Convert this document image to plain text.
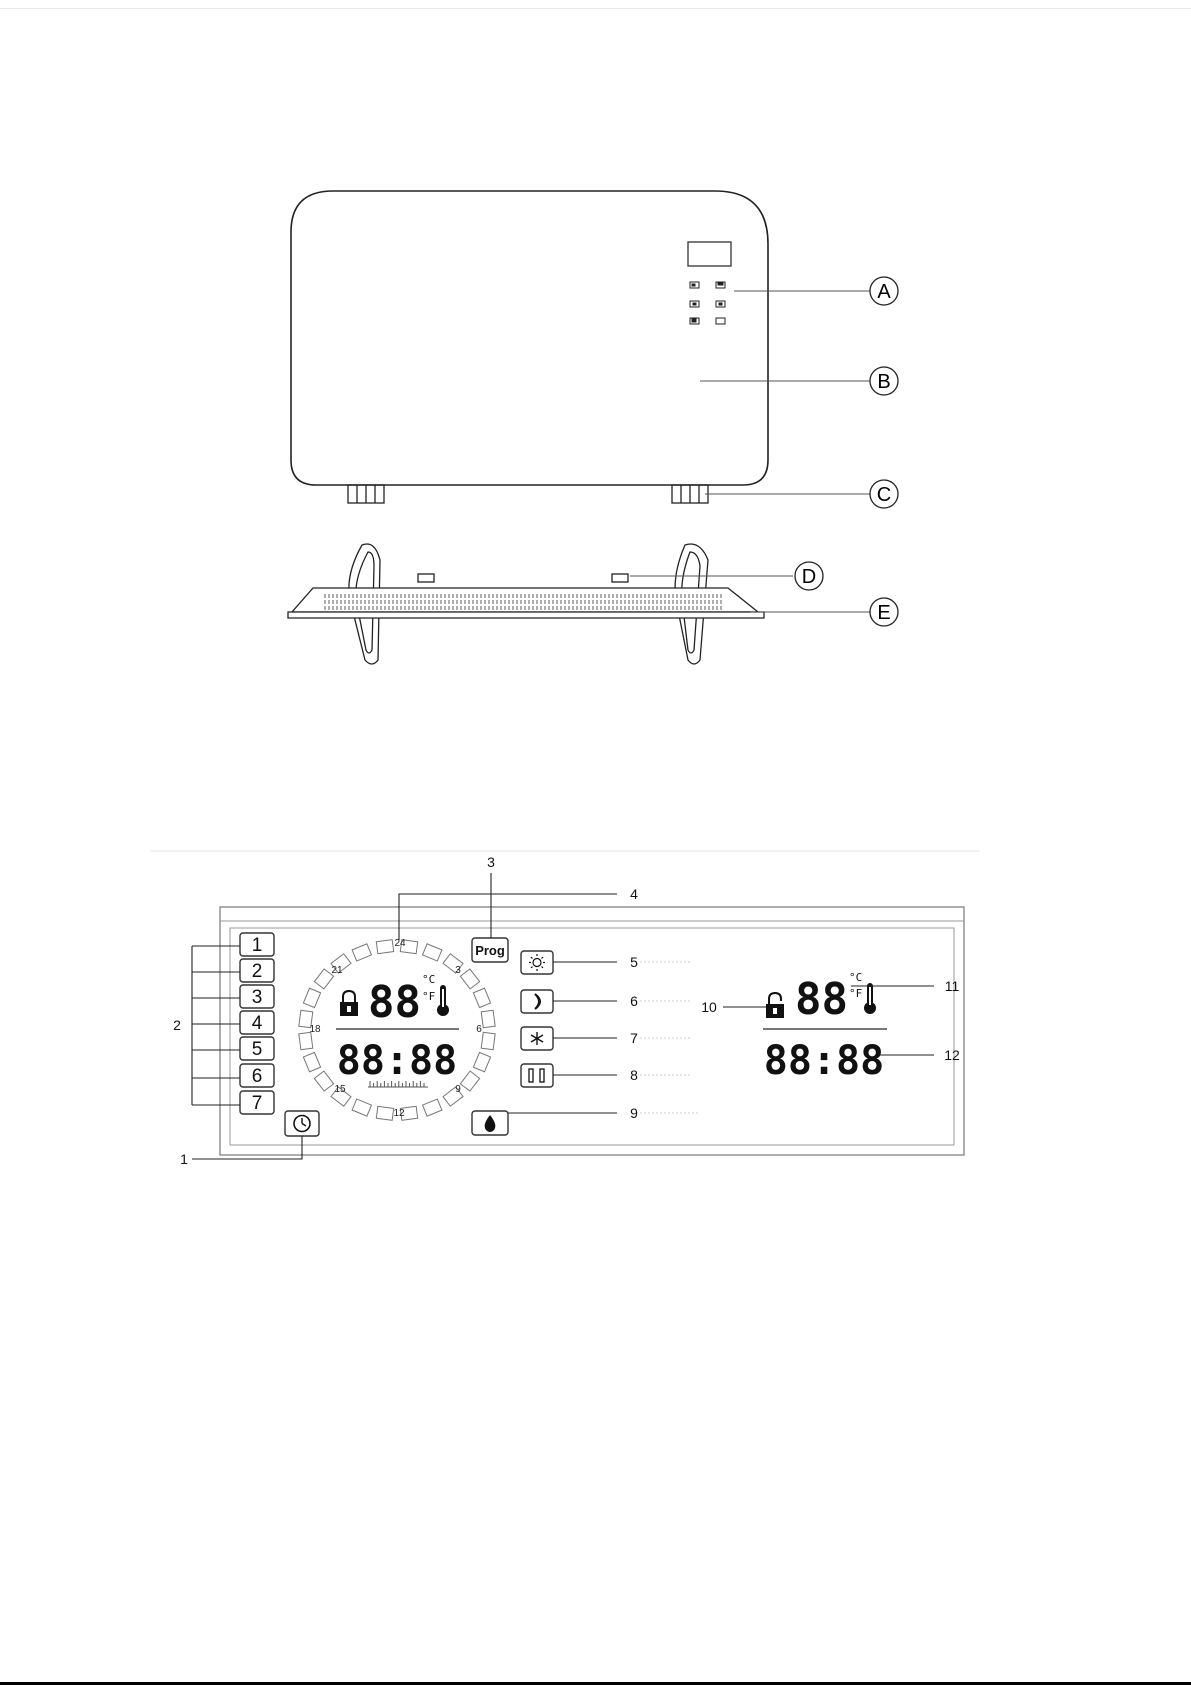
A
B
C
D
E
1
2
3
4
5
6
7
24
21	3
6
18
9
15
12
88 °C
°F
88:88
Prog
1
2
3
4
5
6
7
8
9
88 °C
°F
88:88
10
11
12
